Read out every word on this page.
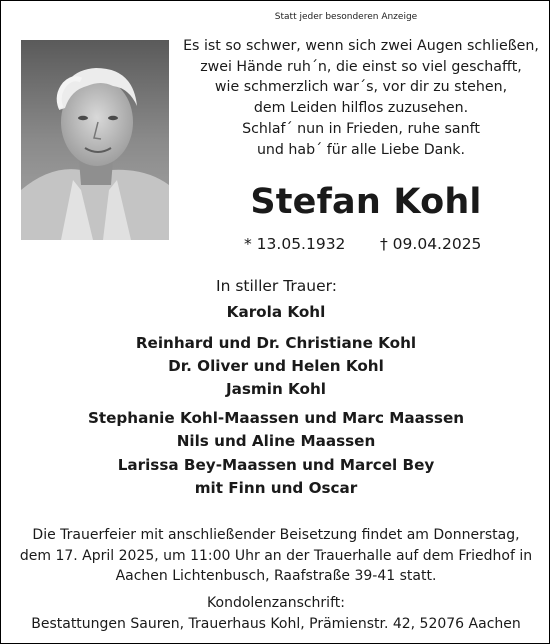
Statt jeder besonderen Anzeige
Es ist so schwer, wenn sich zwei Augen schließen,
zwei Hände ruh´n, die einst so viel geschafft,
wie schmerzlich war´s, vor dir zu stehen,
dem Leiden hilflos zuzusehen.
Schlaf´ nun in Frieden, ruhe sanft
und hab´ für alle Liebe Dank.
Stefan Kohl
* 13.05.1932 † 09.04.2025
In stiller Trauer:
Karola Kohl
Reinhard und Dr. Christiane Kohl
Dr. Oliver und Helen Kohl
Jasmin Kohl
Stephanie Kohl-Maassen und Marc Maassen
Nils und Aline Maassen
Larissa Bey-Maassen und Marcel Bey
mit Finn und Oscar
Die Trauerfeier mit anschließender Beisetzung findet am Donnerstag,
dem 17. April 2025, um 11:00 Uhr an der Trauerhalle auf dem Friedhof in
Aachen Lichtenbusch, Raafstraße 39-41 statt.
Kondolenzanschrift:
Bestattungen Sauren, Trauerhaus Kohl, Prämienstr. 42, 52076 Aachen
